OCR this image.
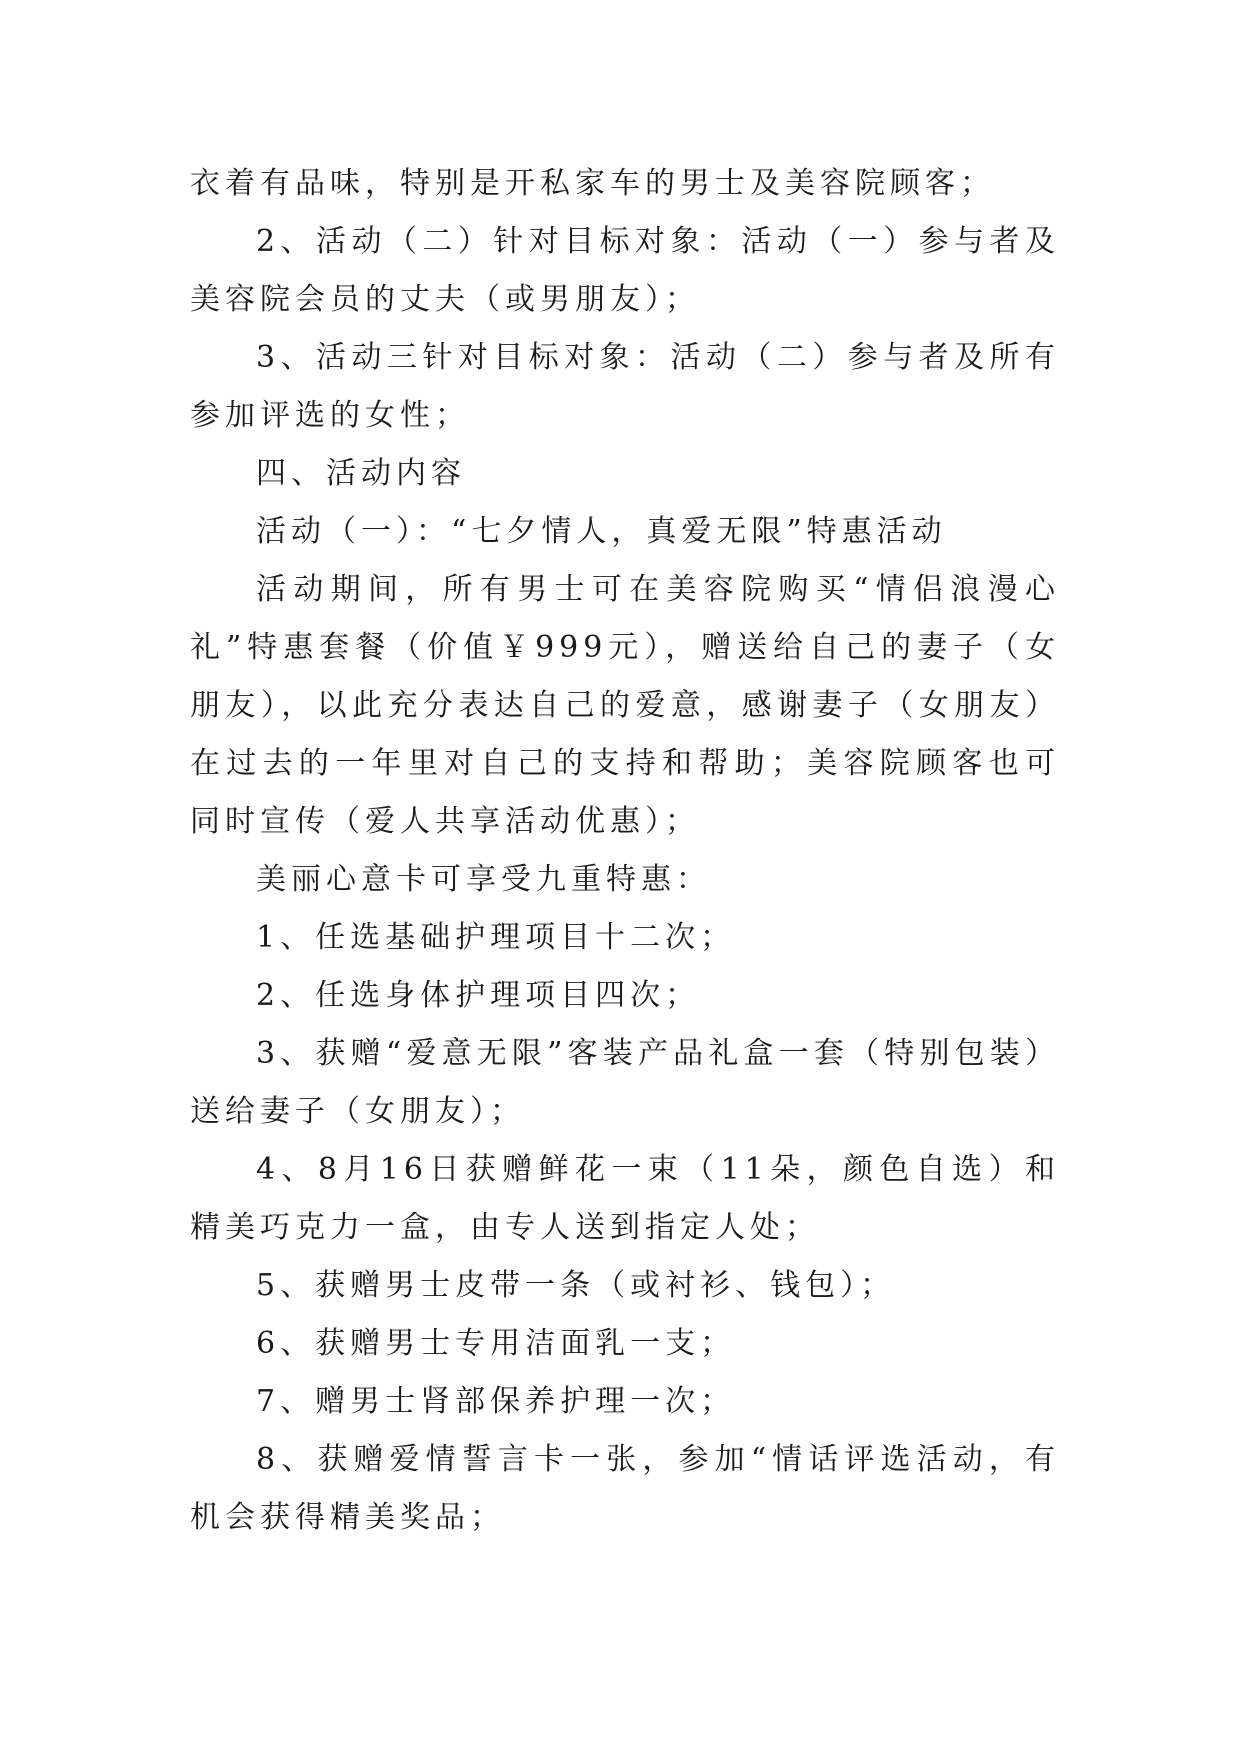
衣着有品味，特别是开私家车的男士及美容院顾客；

2、活动（二）针对目标对象：活动（一）参与者及美容院会员的丈夫（或男朋友）；

3、活动三针对目标对象：活动（二）参与者及所有参加评选的女性；

四、活动内容

活动（一）：“七夕情人，真爱无限”特惠活动

活动期间，所有男士可在美容院购买“情侣浪漫心礼”特惠套餐（价值￥999元），赠送给自己的妻子（女朋友），以此充分表达自己的爱意，感谢妻子（女朋友）在过去的一年里对自己的支持和帮助；美容院顾客也可同时宣传（爱人共享活动优惠）；

美丽心意卡可享受九重特惠：

1、任选基础护理项目十二次；

2、任选身体护理项目四次；

3、获赠“爱意无限”客装产品礼盒一套（特别包装）送给妻子（女朋友）；

4、8月16日获赠鲜花一束（11朵，颜色自选）和精美巧克力一盒，由专人送到指定人处；

5、获赠男士皮带一条（或衬衫、钱包）；

6、获赠男士专用洁面乳一支；

7、赠男士肾部保养护理一次；

8、获赠爱情誓言卡一张，参加“情话评选活动，有机会获得精美奖品；
